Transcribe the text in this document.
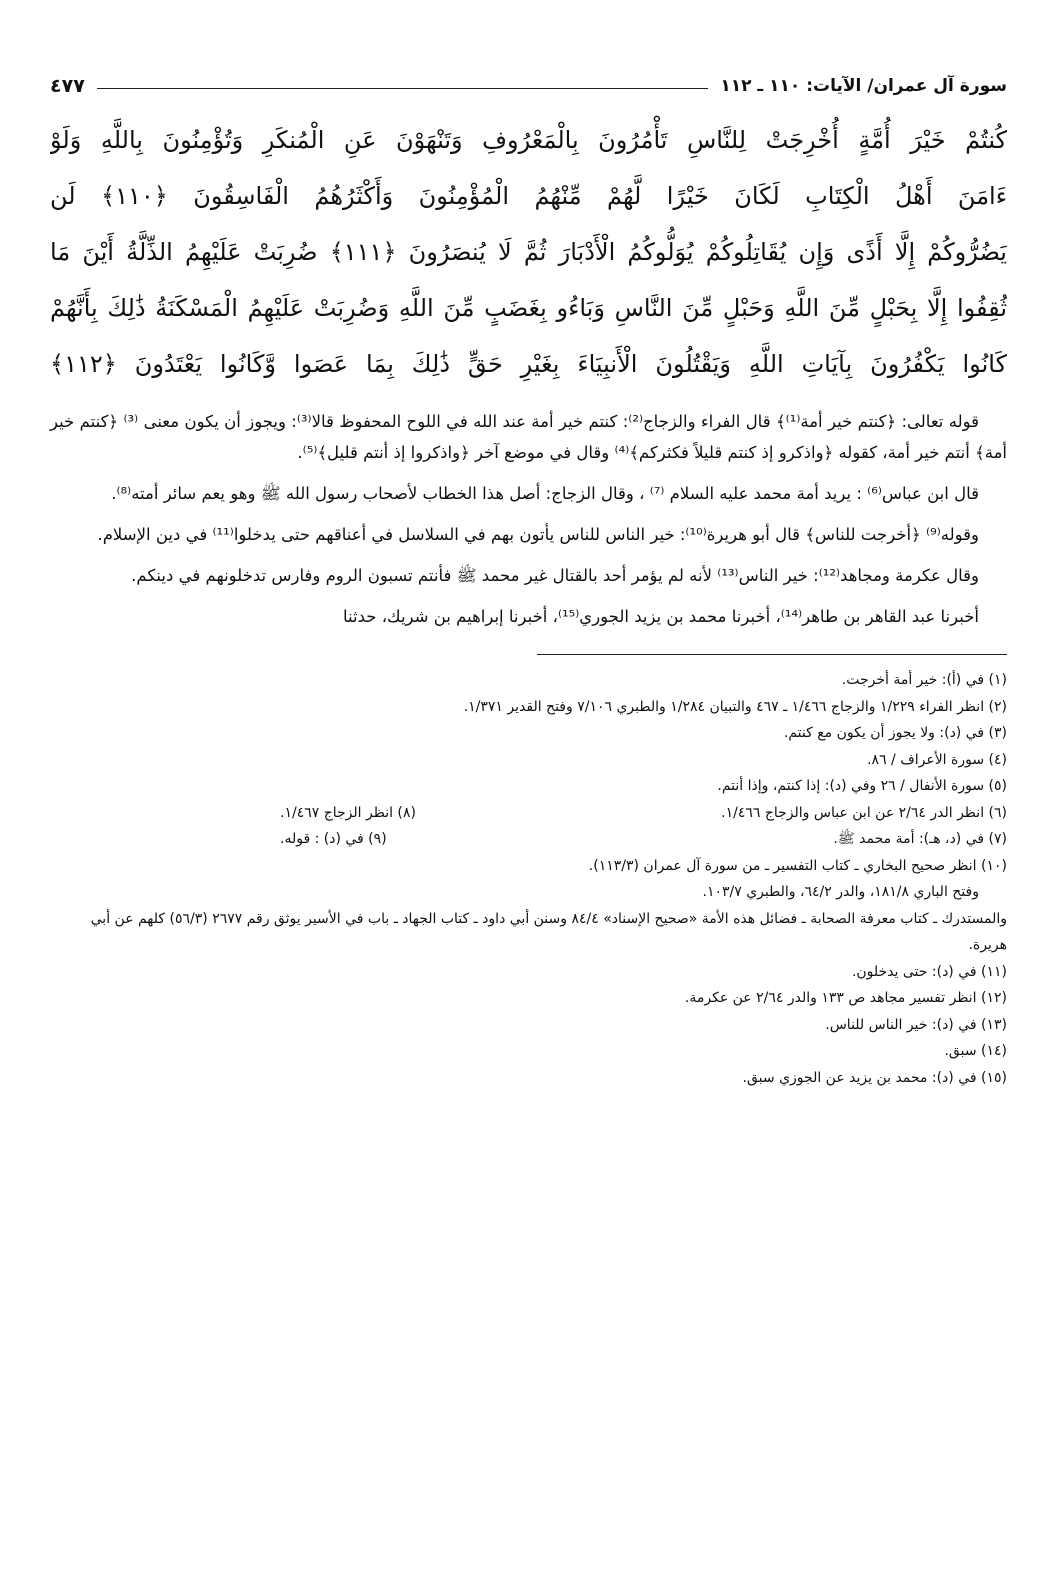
سورة آل عمران/ الآيات: ١١٠ ـ ١١٢
٤٧٧
كُنتُمْ خَيْرَ أُمَّةٍ أُخْرِجَتْ لِلنَّاسِ تَأْمُرُونَ بِالْمَعْرُوفِ وَتَنْهَوْنَ عَنِ الْمُنكَرِ وَتُؤْمِنُونَ بِاللَّهِ وَلَوْ
ءَامَنَ أَهْلُ الْكِتَابِ لَكَانَ خَيْرًا لَّهُمْ مِّنْهُمُ الْمُؤْمِنُونَ وَأَكْثَرُهُمُ الْفَاسِقُونَ ﴿١١٠﴾ لَن
يَضُرُّوكُمْ إِلَّا أَذًى وَإِن يُقَاتِلُوكُمْ يُوَلُّوكُمُ الْأَدْبَارَ ثُمَّ لَا يُنصَرُونَ ﴿١١١﴾ ضُرِبَتْ عَلَيْهِمُ الذِّلَّةُ أَيْنَ مَا
ثُقِفُوا إِلَّا بِحَبْلٍ مِّنَ اللَّهِ وَحَبْلٍ مِّنَ النَّاسِ وَبَاءُو بِغَضَبٍ مِّنَ اللَّهِ وَضُرِبَتْ عَلَيْهِمُ الْمَسْكَنَةُ ذَٰلِكَ بِأَنَّهُمْ
كَانُوا يَكْفُرُونَ بِآيَاتِ اللَّهِ وَيَقْتُلُونَ الْأَنبِيَاءَ بِغَيْرِ حَقٍّ ذَٰلِكَ بِمَا عَصَوا وَّكَانُوا يَعْتَدُونَ ﴿١١٢﴾

قوله تعالى: ﴿كنتم خير أمة⁽¹⁾﴾ قال الفراء والزجاج⁽²⁾: كنتم خير أمة عند الله في اللوح المحفوظ قالا⁽³⁾: ويجوز أن يكون معنى ⁽³⁾ ﴿كنتم خير أمة﴾ أنتم خير أمة، كقوله ﴿واذكرو إذ كنتم قليلاً فكثركم﴾⁽⁴⁾ وقال في موضع آخر ﴿واذكروا إذ أنتم قليل﴾⁽⁵⁾.

قال ابن عباس⁽⁶⁾ : يريد أمة محمد عليه السلام ⁽⁷⁾ ، وقال الزجاج: أصل هذا الخطاب لأصحاب رسول الله ﷺ وهو يعم سائر أمته⁽⁸⁾.

وقوله⁽⁹⁾ ﴿أخرجت للناس﴾ قال أبو هريرة⁽¹⁰⁾: خير الناس للناس يأتون بهم في السلاسل في أعناقهم حتى يدخلوا⁽¹¹⁾ في دين الإسلام.

وقال عكرمة ومجاهد⁽¹²⁾: خير الناس⁽¹³⁾ لأنه لم يؤمر أحد بالقتال غير محمد ﷺ فأنتم تسبون الروم وفارس تدخلونهم في دينكم.

أخبرنا عبد القاهر بن طاهر⁽¹⁴⁾، أخبرنا محمد بن يزيد الجوري⁽¹⁵⁾، أخبرنا إبراهيم بن شريك، حدثنا

(١) في (أ): خير أمة أخرجت.
(٢) انظر الفراء ١/٢٢٩ والزجاج ١/٤٦٦ ـ ٤٦٧ والتبيان ١/٢٨٤ والطبري ٧/١٠٦ وفتح القدير ١/٣٧١.
(٣) في (د): ولا يجوز أن يكون مع كنتم.
(٤) سورة الأعراف / ٨٦.
(٥) سورة الأنفال / ٢٦ وفي (د): إذا كنتم، وإذا أنتم.
(٦) انظر الدر ٢/٦٤ عن ابن عباس والزجاج ١/٤٦٦.
(٨) انظر الزجاج ١/٤٦٧.
(٧) في (د، هـ): أمة محمد ﷺ.
(٩) في (د) : قوله.
(١٠) انظر صحيح البخاري ـ كتاب التفسير ـ من سورة آل عمران (١١٣/٣).
وفتح الباري ١٨١/٨، والدر ٦٤/٢، والطبري ١٠٣/٧.
والمستدرك ـ كتاب معرفة الصحابة ـ فضائل هذه الأمة «صحيح الإسناد» ٨٤/٤ وسنن أبي داود ـ كتاب الجهاد ـ باب في الأسير يوثق رقم ٢٦٧٧ (٥٦/٣) كلهم عن أبي هريرة.
(١١) في (د): حتى يدخلون.
(١٢) انظر تفسير مجاهد ص ١٣٣ والدر ٢/٦٤ عن عكرمة.
(١٣) في (د): خير الناس للناس.
(١٤) سبق.
(١٥) في (د): محمد بن يزيد عن الجوزي سبق.
